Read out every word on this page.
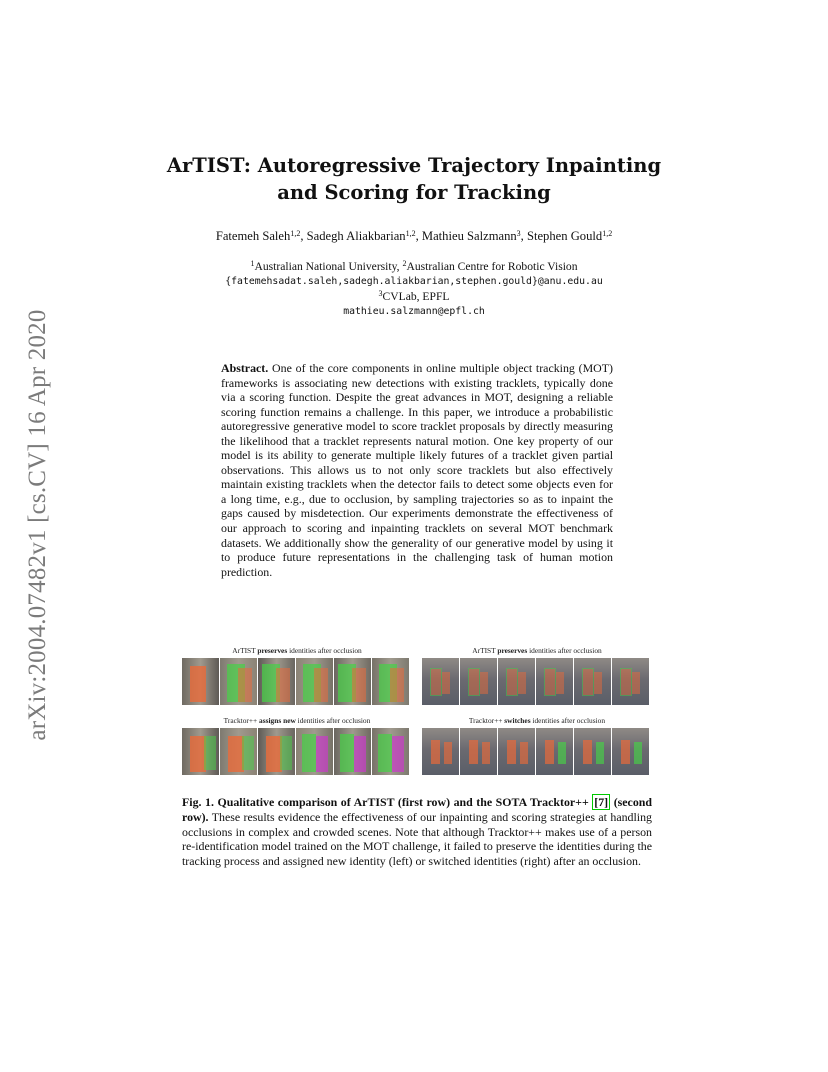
arXiv:2004.07482v1 [cs.CV] 16 Apr 2020
ArTIST: Autoregressive Trajectory Inpainting
and Scoring for Tracking
Fatemeh Saleh$^{1,2}$, Sadegh Aliakbarian$^{1,2}$, Mathieu Salzmann$^3$, Stephen Gould$^{1,2}$
$^1$Australian National University, $^2$Australian Centre for Robotic Vision
{fatemehsadat.saleh,sadegh.aliakbarian,stephen.gould}@anu.edu.au
$^3$CVLab, EPFL
mathieu.salzmann@epfl.ch
Abstract. One of the core components in online multiple object tracking (MOT) frameworks is associating new detections with existing tracklets, typically done via a scoring function. Despite the great advances in MOT, designing a reliable scoring function remains a challenge. In this paper, we introduce a probabilistic autoregressive generative model to score tracklet proposals by directly measuring the likelihood that a tracklet represents natural motion. One key property of our model is its ability to generate multiple likely futures of a tracklet given partial observations. This allows us to not only score tracklets but also effectively maintain existing tracklets when the detector fails to detect some objects even for a long time, e.g., due to occlusion, by sampling trajectories so as to inpaint the gaps caused by misdetection. Our experiments demonstrate the effectiveness of our approach to scoring and inpainting tracklets on several MOT benchmark datasets. We additionally show the generality of our generative model by using it to produce future representations in the challenging task of human motion prediction.
ArTIST preserves identities after occlusion	ArTIST preserves identities after occlusion
Tracktor++ assigns new identities after occlusion	Tracktor++ switches identities after occlusion
Fig. 1. Qualitative comparison of ArTIST (first row) and the SOTA Tracktor++ [7] (second row). These results evidence the effectiveness of our inpainting and scoring strategies at handling occlusions in complex and crowded scenes. Note that although Tracktor++ makes use of a person re-identification model trained on the MOT challenge, it failed to preserve the identities during the tracking process and assigned new identity (left) or switched identities (right) after an occlusion.
